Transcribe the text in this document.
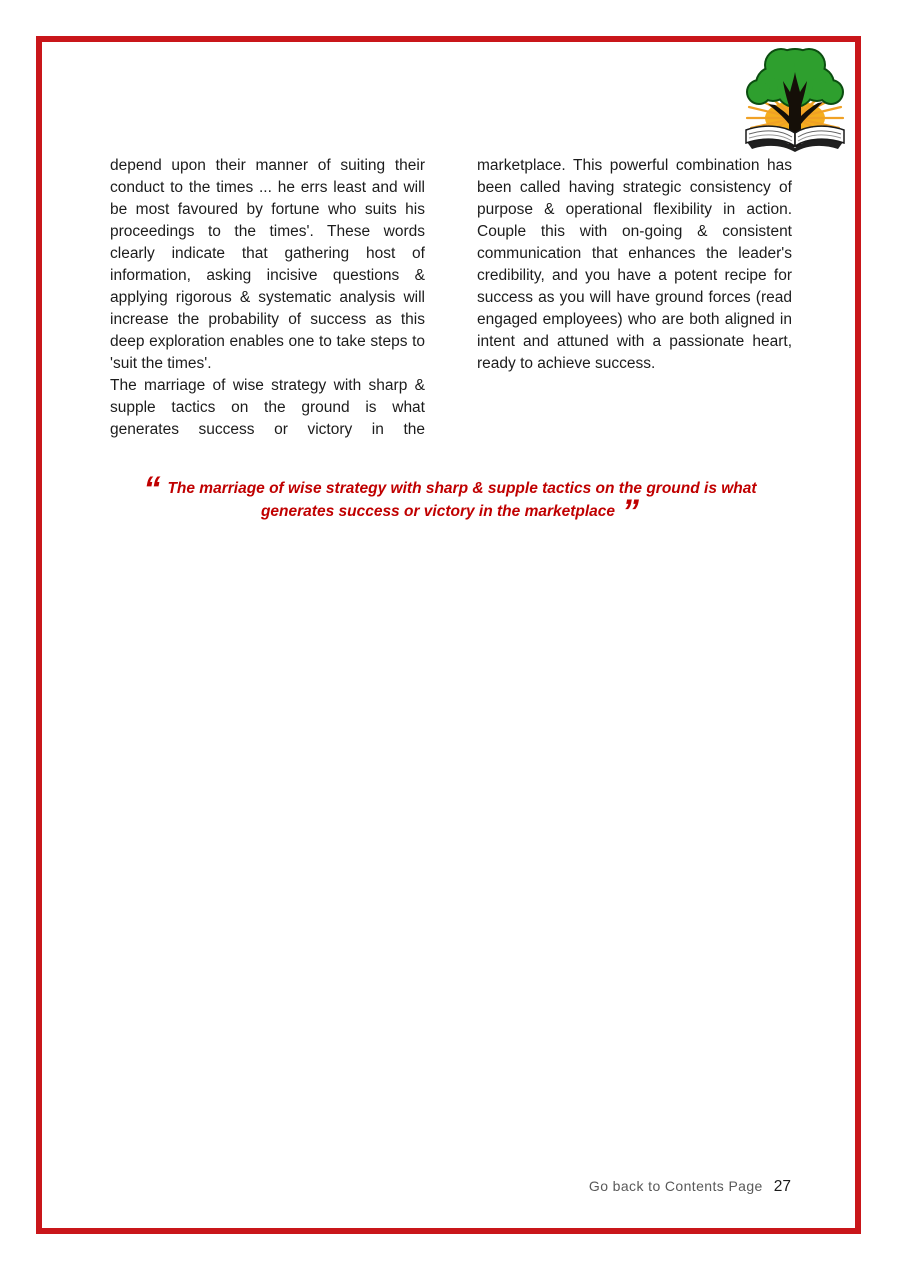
depend upon their manner of suiting their conduct to the times ... he errs least and will be most favoured by fortune who suits his proceedings to the times'. These words clearly indicate that gathering host of information, asking incisive questions & applying rigorous & systematic analysis will increase the probability of success as this deep exploration enables one to take steps to 'suit the times'.

The marriage of wise strategy with sharp & supple tactics on the ground is what generates success or victory in the

marketplace. This powerful combination has been called having strategic consistency of purpose & operational flexibility in action. Couple this with on-going & consistent communication that enhances the leader's credibility, and you have a potent recipe for success as you will have ground forces (read engaged employees) who are both aligned in intent and attuned with a passionate heart, ready to achieve success.

“ The marriage of wise strategy with sharp & supple tactics on the ground is what generates success or victory in the marketplace ”
Go back to Contents Page 27
